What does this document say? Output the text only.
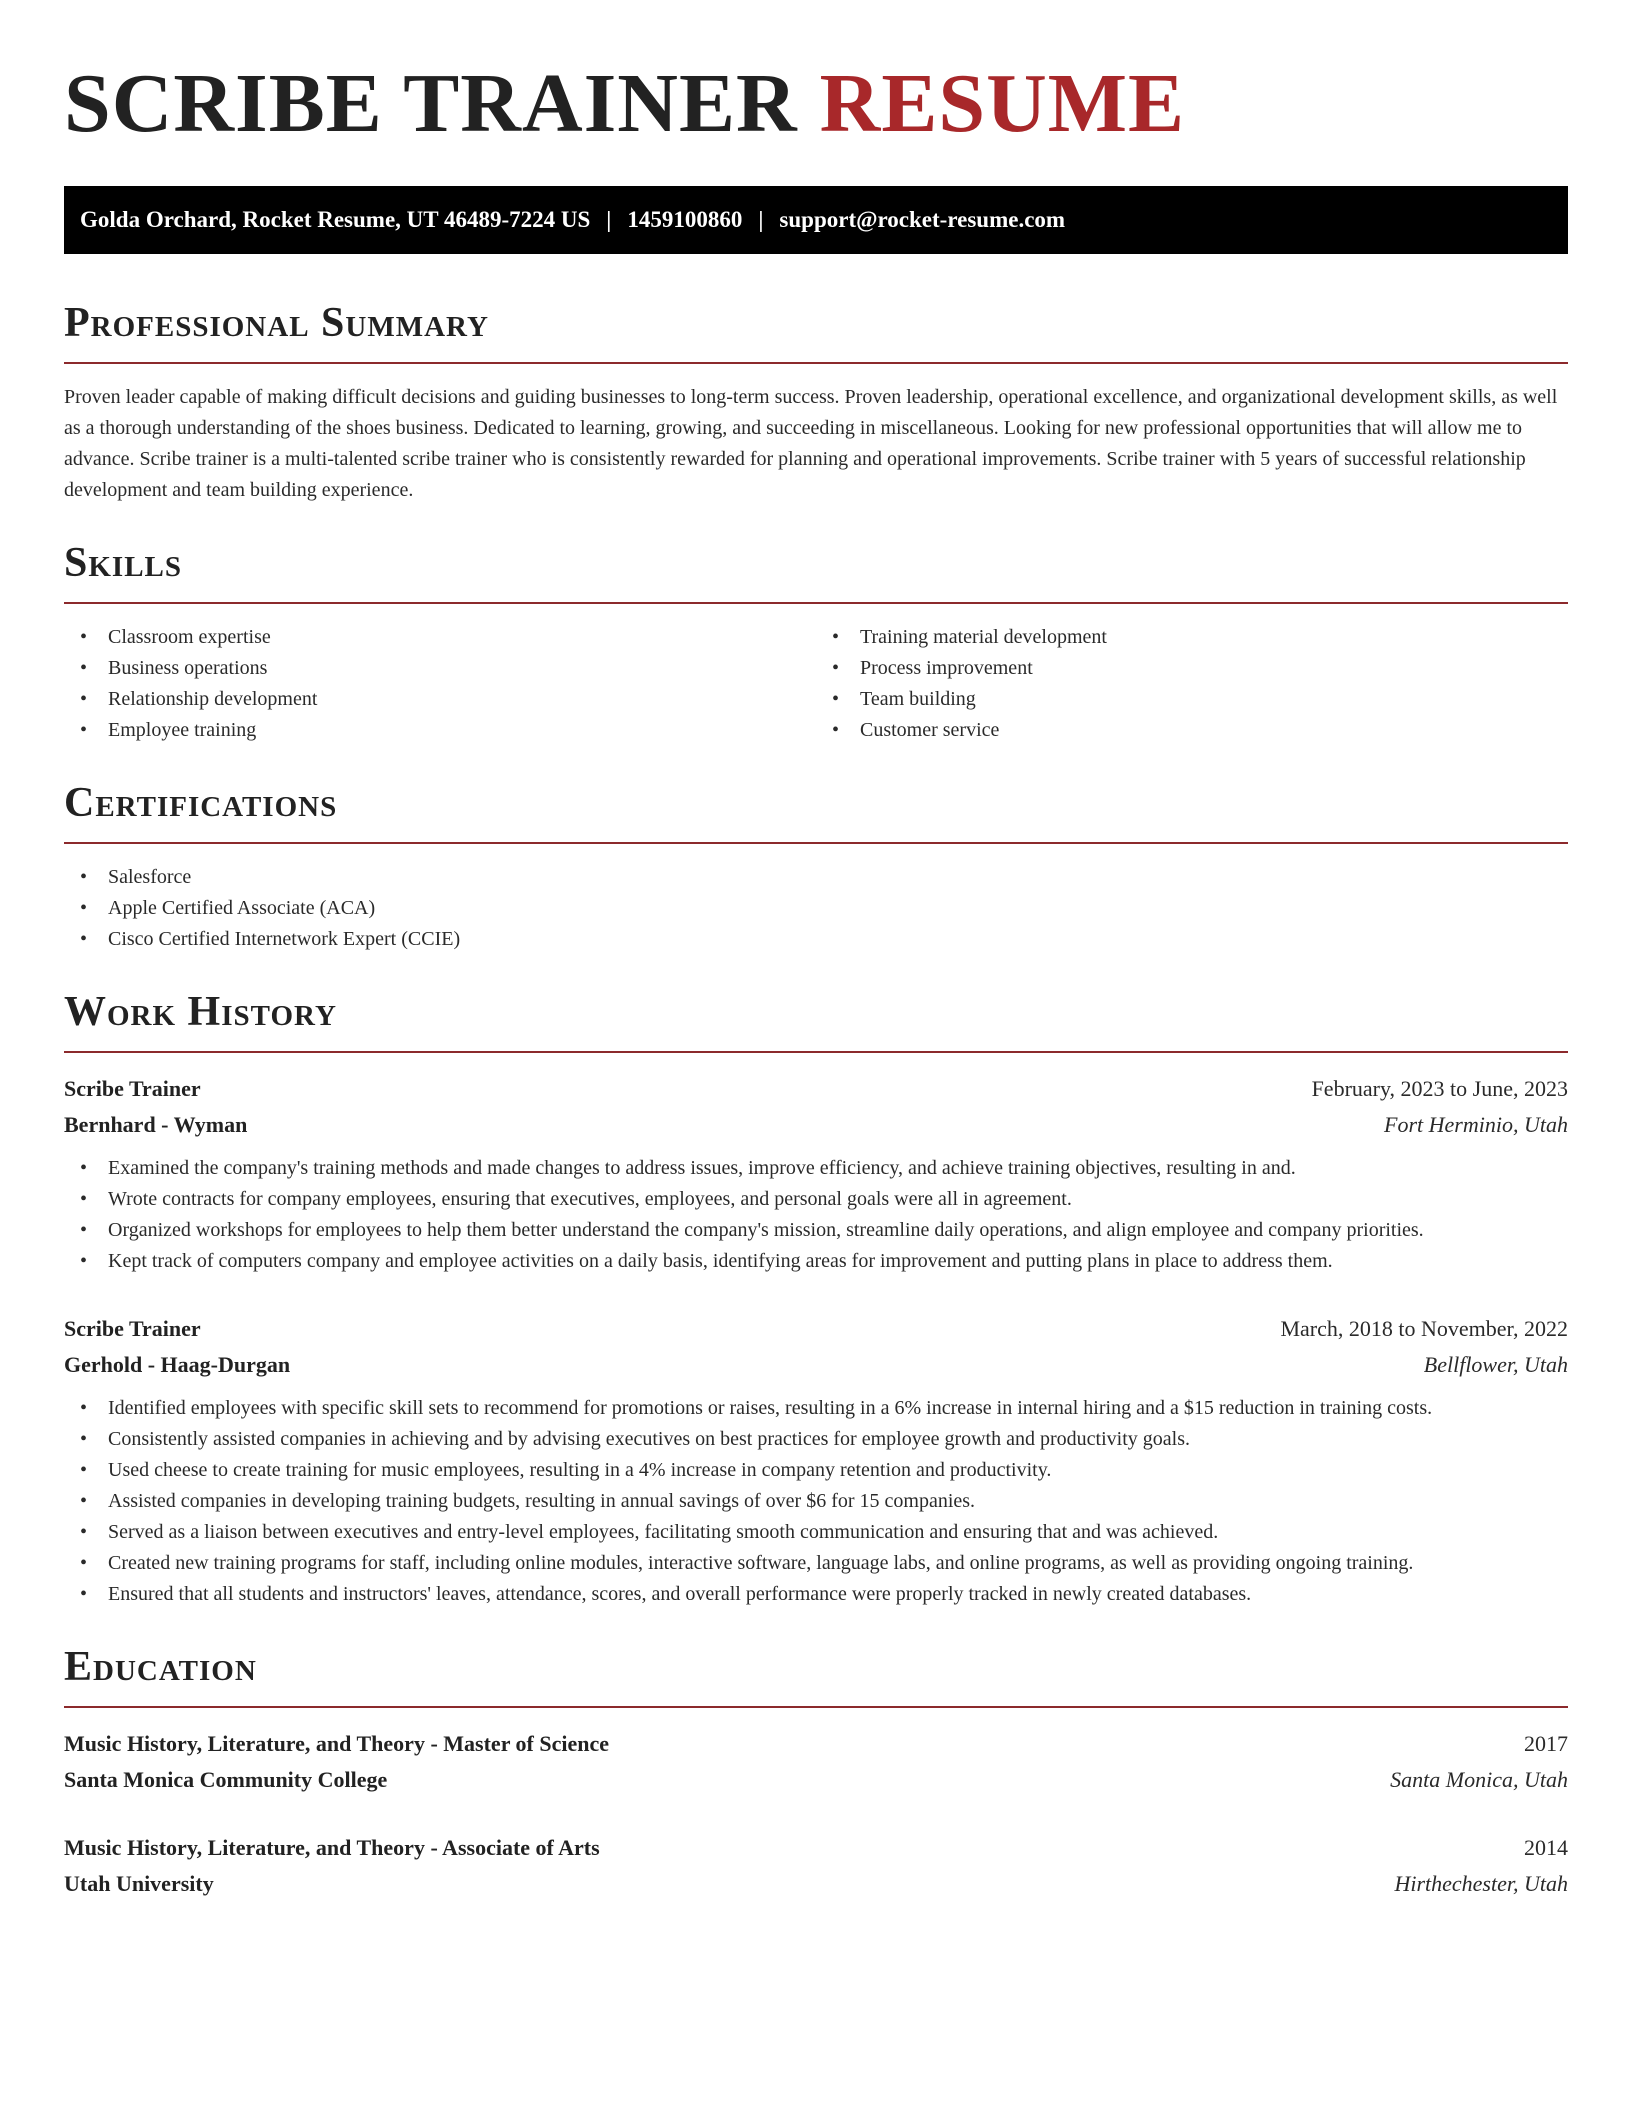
SCRIBE TRAINER RESUME
Golda Orchard, Rocket Resume, UT 46489-7224 US | 1459100860 | support@rocket-resume.com
Professional Summary

Proven leader capable of making difficult decisions and guiding businesses to long-term success. Proven leadership, operational excellence, and organizational development skills, as well as a thorough understanding of the shoes business. Dedicated to learning, growing, and succeeding in miscellaneous. Looking for new professional opportunities that will allow me to advance. Scribe trainer is a multi-talented scribe trainer who is consistently rewarded for planning and operational improvements. Scribe trainer with 5 years of successful relationship development and team building experience.

Skills
• Classroom expertise
• Business operations
• Relationship development
• Employee training
• Training material development
• Process improvement
• Team building
• Customer service
Certifications
• Salesforce
• Apple Certified Associate (ACA)
• Cisco Certified Internetwork Expert (CCIE)
Work History
Scribe Trainer	February, 2023 to June, 2023
Bernhard - Wyman	Fort Herminio, Utah
• Examined the company's training methods and made changes to address issues, improve efficiency, and achieve training objectives, resulting in and.
• Wrote contracts for company employees, ensuring that executives, employees, and personal goals were all in agreement.
• Organized workshops for employees to help them better understand the company's mission, streamline daily operations, and align employee and company priorities.
• Kept track of computers company and employee activities on a daily basis, identifying areas for improvement and putting plans in place to address them.
Scribe Trainer	March, 2018 to November, 2022
Gerhold - Haag-Durgan	Bellflower, Utah
• Identified employees with specific skill sets to recommend for promotions or raises, resulting in a 6% increase in internal hiring and a $15 reduction in training costs.
• Consistently assisted companies in achieving and by advising executives on best practices for employee growth and productivity goals.
• Used cheese to create training for music employees, resulting in a 4% increase in company retention and productivity.
• Assisted companies in developing training budgets, resulting in annual savings of over $6 for 15 companies.
• Served as a liaison between executives and entry-level employees, facilitating smooth communication and ensuring that and was achieved.
• Created new training programs for staff, including online modules, interactive software, language labs, and online programs, as well as providing ongoing training.
• Ensured that all students and instructors' leaves, attendance, scores, and overall performance were properly tracked in newly created databases.
Education
Music History, Literature, and Theory - Master of Science	2017
Santa Monica Community College	Santa Monica, Utah
Music History, Literature, and Theory - Associate of Arts	2014
Utah University	Hirthechester, Utah
